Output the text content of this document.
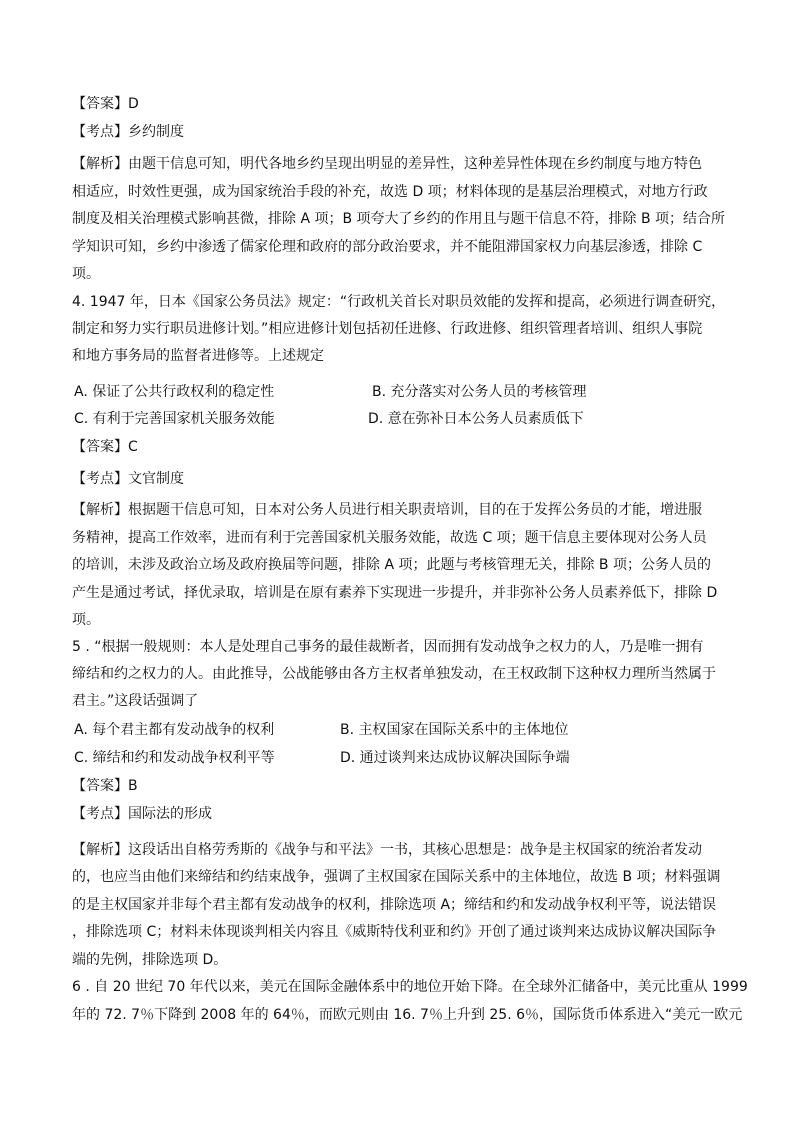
【答案】D

【考点】乡约制度

【解析】由题干信息可知，明代各地乡约呈现出明显的差异性，这种差异性体现在乡约制度与地方特色

相适应，时效性更强，成为国家统治手段的补充，故选 D 项；材料体现的是基层治理模式，对地方行政

制度及相关治理模式影响甚微，排除 A 项；B 项夸大了乡约的作用且与题干信息不符，排除 B 项；结合所

学知识可知，乡约中渗透了儒家伦理和政府的部分政治要求，并不能阻滞国家权力向基层渗透，排除 C

项。

4. 1947 年，日本《国家公务员法》规定：“行政机关首长对职员效能的发挥和提高，必须进行调查研究，

制定和努力实行职员进修计划。”相应进修计划包括初任进修、行政进修、组织管理者培训、组织人事院

和地方事务局的监督者进修等。上述规定

A. 保证了公共行政权利的稳定性	B. 充分落实对公务人员的考核管理

C. 有利于完善国家机关服务效能	D. 意在弥补日本公务人员素质低下

【答案】C

【考点】文官制度

【解析】根据题干信息可知，日本对公务人员进行相关职责培训，目的在于发挥公务员的才能，增进服

务精神，提高工作效率，进而有利于完善国家机关服务效能，故选 C 项；题干信息主要体现对公务人员

的培训，未涉及政治立场及政府换届等问题，排除 A 项；此题与考核管理无关，排除 B 项；公务人员的

产生是通过考试，择优录取，培训是在原有素养下实现进一步提升，并非弥补公务人员素养低下，排除 D

项。

5 . “根据一般规则：本人是处理自己事务的最佳裁断者，因而拥有发动战争之权力的人，乃是唯一拥有

缔结和约之权力的人。由此推导，公战能够由各方主权者单独发动，在王权政制下这种权力理所当然属于

君主。”这段话强调了

A. 每个君主都有发动战争的权利	B. 主权国家在国际关系中的主体地位

C. 缔结和约和发动战争权利平等	D. 通过谈判来达成协议解决国际争端

【答案】B

【考点】国际法的形成

【解析】这段话出自格劳秀斯的《战争与和平法》一书，其核心思想是：战争是主权国家的统治者发动

的，也应当由他们来缔结和约结束战争，强调了主权国家在国际关系中的主体地位，故选 B 项；材料强调

的是主权国家并非每个君主都有发动战争的权利，排除选项 A；缔结和约和发动战争权利平等，说法错误

，排除选项 C；材料未体现谈判相关内容且《威斯特伐利亚和约》开创了通过谈判来达成协议解决国际争

端的先例，排除选项 D。

6 . 自 20 世纪 70 年代以来，美元在国际金融体系中的地位开始下降。在全球外汇储备中，美元比重从 1999

年的 72. 7％下降到 2008 年的 64％，而欧元则由 16. 7％上升到 25. 6％，国际货币体系进入“美元一欧元
